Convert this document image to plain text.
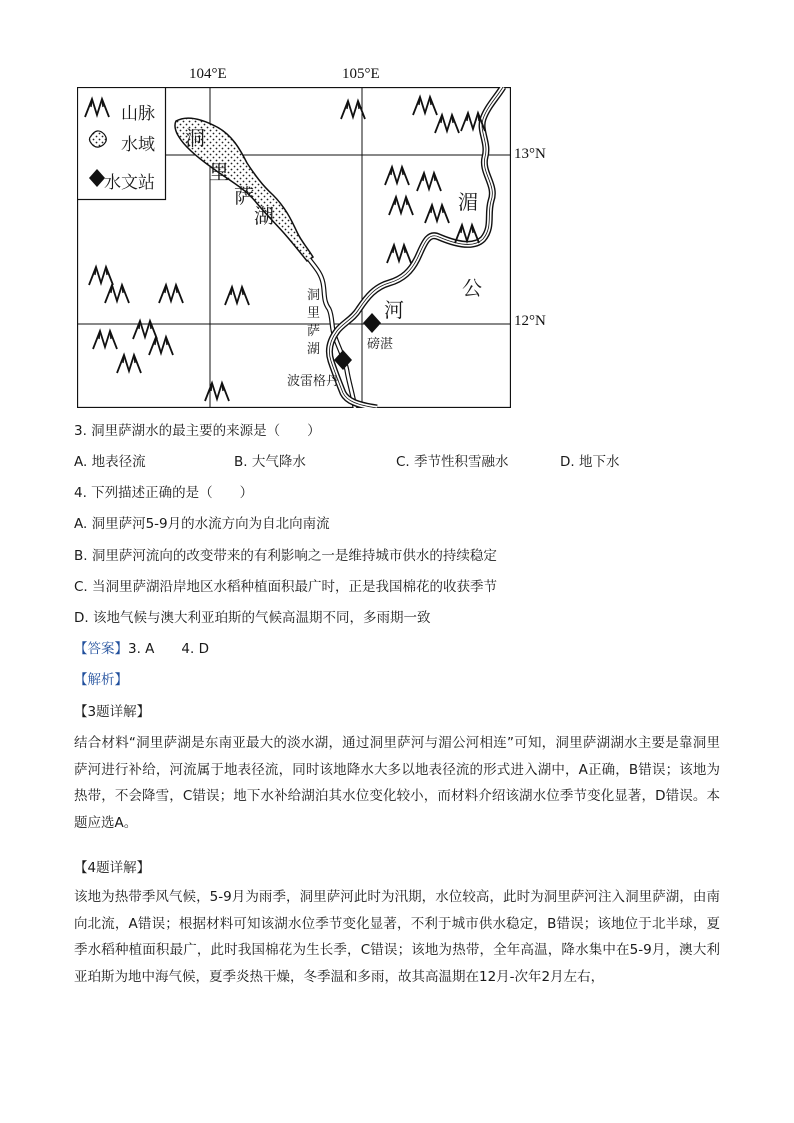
104°E	105°E
13°N
12°N
山脉
水域
水文站
洞
里
萨
湖
洞
里
萨
湖
湄
公
河
磅湛
波雷格丹
3. 洞里萨湖水的最主要的来源是（　　）
A. 地表径流	B. 大气降水	C. 季节性积雪融水	D. 地下水
4. 下列描述正确的是（　　）
A. 洞里萨河5-9月的水流方向为自北向南流
B. 洞里萨河流向的改变带来的有利影响之一是维持城市供水的持续稳定
C. 当洞里萨湖沿岸地区水稻种植面积最广时，正是我国棉花的收获季节
D. 该地气候与澳大利亚珀斯的气候高温期不同，多雨期一致
【答案】3. A　　4. D
【解析】
【3题详解】
结合材料“洞里萨湖是东南亚最大的淡水湖，通过洞里萨河与湄公河相连”可知，洞里萨湖湖水主要是靠洞里萨河进行补给，河流属于地表径流，同时该地降水大多以地表径流的形式进入湖中，A正确，B错误；该地为热带，不会降雪，C错误；地下水补给湖泊其水位变化较小，而材料介绍该湖水位季节变化显著，D错误。本题应选A。
【4题详解】
该地为热带季风气候，5-9月为雨季，洞里萨河此时为汛期，水位较高，此时为洞里萨河注入洞里萨湖，由南向北流，A错误；根据材料可知该湖水位季节变化显著，不利于城市供水稳定，B错误；该地位于北半球，夏季水稻种植面积最广，此时我国棉花为生长季，C错误；该地为热带，全年高温，降水集中在5-9月，澳大利亚珀斯为地中海气候，夏季炎热干燥，冬季温和多雨，故其高温期在12月-次年2月左右，
